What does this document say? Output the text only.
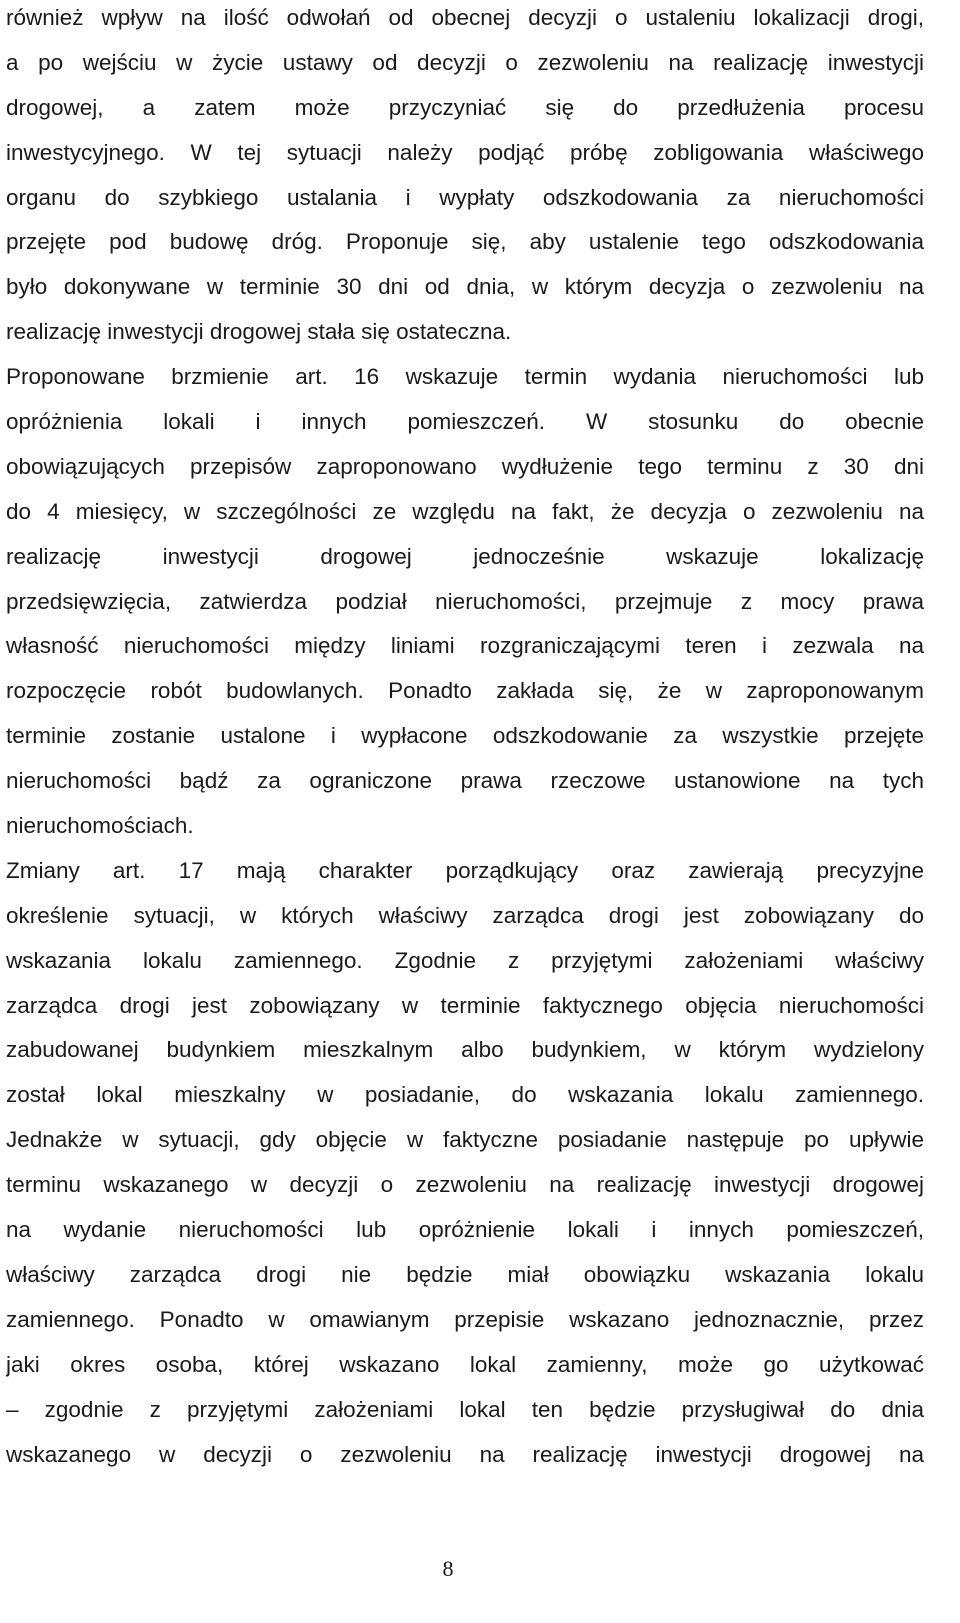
również wpływ na ilość odwołań od obecnej decyzji o ustaleniu lokalizacji drogi,
a po wejściu w życie ustawy od decyzji o zezwoleniu na realizację inwestycji
drogowej, a zatem może przyczyniać się do przedłużenia procesu
inwestycyjnego. W tej sytuacji należy podjąć próbę zobligowania właściwego
organu do szybkiego ustalania i wypłaty odszkodowania za nieruchomości
przejęte pod budowę dróg. Proponuje się, aby ustalenie tego odszkodowania
było dokonywane w terminie 30 dni od dnia, w którym decyzja o zezwoleniu na
realizację inwestycji drogowej stała się ostateczna.
Proponowane brzmienie art. 16 wskazuje termin wydania nieruchomości lub
opróżnienia lokali i innych pomieszczeń. W stosunku do obecnie
obowiązujących przepisów zaproponowano wydłużenie tego terminu z 30 dni
do 4 miesięcy, w szczególności ze względu na fakt, że decyzja o zezwoleniu na
realizację inwestycji drogowej jednocześnie wskazuje lokalizację
przedsięwzięcia, zatwierdza podział nieruchomości, przejmuje z mocy prawa
własność nieruchomości między liniami rozgraniczającymi teren i zezwala na
rozpoczęcie robót budowlanych. Ponadto zakłada się, że w zaproponowanym
terminie zostanie ustalone i wypłacone odszkodowanie za wszystkie przejęte
nieruchomości bądź za ograniczone prawa rzeczowe ustanowione na tych
nieruchomościach.
Zmiany art. 17 mają charakter porządkujący oraz zawierają precyzyjne
określenie sytuacji, w których właściwy zarządca drogi jest zobowiązany do
wskazania lokalu zamiennego. Zgodnie z przyjętymi założeniami właściwy
zarządca drogi jest zobowiązany w terminie faktycznego objęcia nieruchomości
zabudowanej budynkiem mieszkalnym albo budynkiem, w którym wydzielony
został lokal mieszkalny w posiadanie, do wskazania lokalu zamiennego.
Jednakże w sytuacji, gdy objęcie w faktyczne posiadanie następuje po upływie
terminu wskazanego w decyzji o zezwoleniu na realizację inwestycji drogowej
na wydanie nieruchomości lub opróżnienie lokali i innych pomieszczeń,
właściwy zarządca drogi nie będzie miał obowiązku wskazania lokalu
zamiennego. Ponadto w omawianym przepisie wskazano jednoznacznie, przez
jaki okres osoba, której wskazano lokal zamienny, może go użytkować
– zgodnie z przyjętymi założeniami lokal ten będzie przysługiwał do dnia
wskazanego w decyzji o zezwoleniu na realizację inwestycji drogowej na
8
